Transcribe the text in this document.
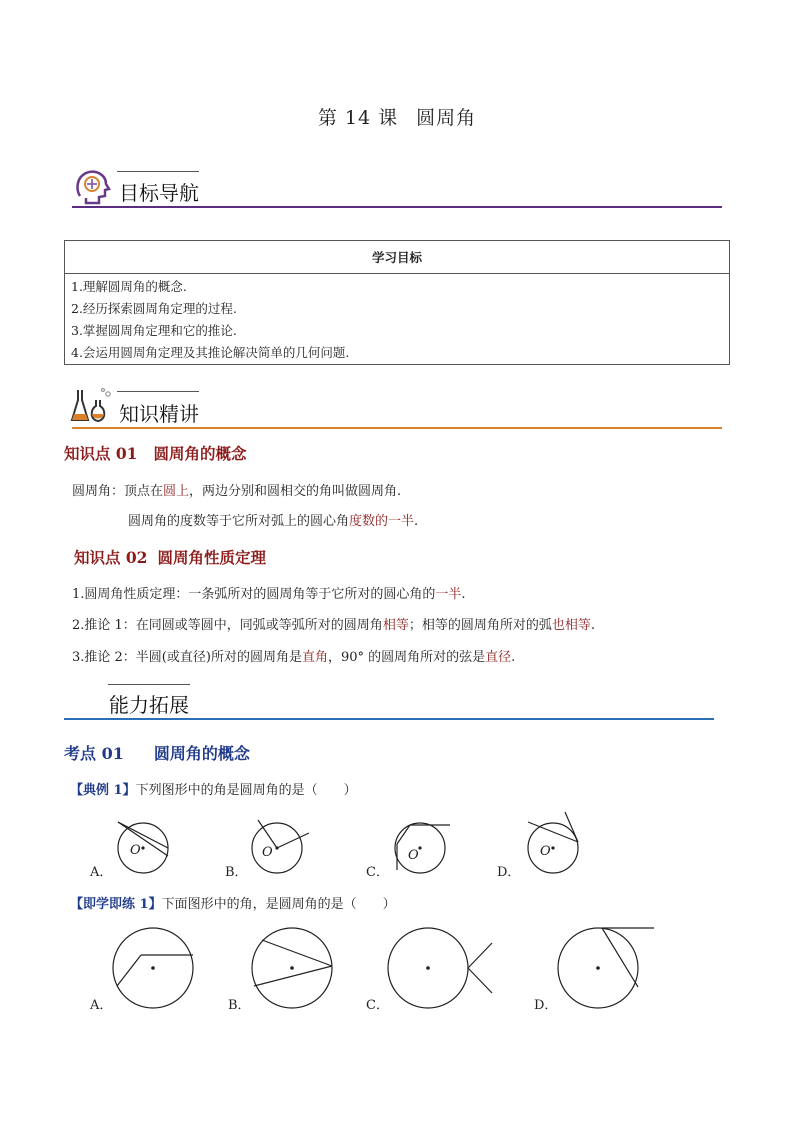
第 14 课 圆周角
目标导航
学习目标
1.理解圆周角的概念.
2.经历探索圆周角定理的过程.
3.掌握圆周角定理和它的推论.
4.会运用圆周角定理及其推论解决简单的几何问题.
知识精讲
知识点 01 圆周角的概念
圆周角：顶点在圆上，两边分别和圆相交的角叫做圆周角.
圆周角的度数等于它所对弧上的圆心角度数的一半.
知识点 02 圆周角性质定理
1.圆周角性质定理：一条弧所对的圆周角等于它所对的圆心角的一半.
2.推论 1：在同圆或等圆中，同弧或等弧所对的圆周角相等；相等的圆周角所对的弧也相等.
3.推论 2：半圆(或直径)所对的圆周角是直角，90° 的圆周角所对的弦是直径.
能力拓展
考点 01 圆周角的概念
【典例 1】下列图形中的角是圆周角的是（　　）
O	O	O	O
A．	B．	C．	D．
【即学即练 1】下面图形中的角，是圆周角的是（　　）
A．	B．	C．	D．
